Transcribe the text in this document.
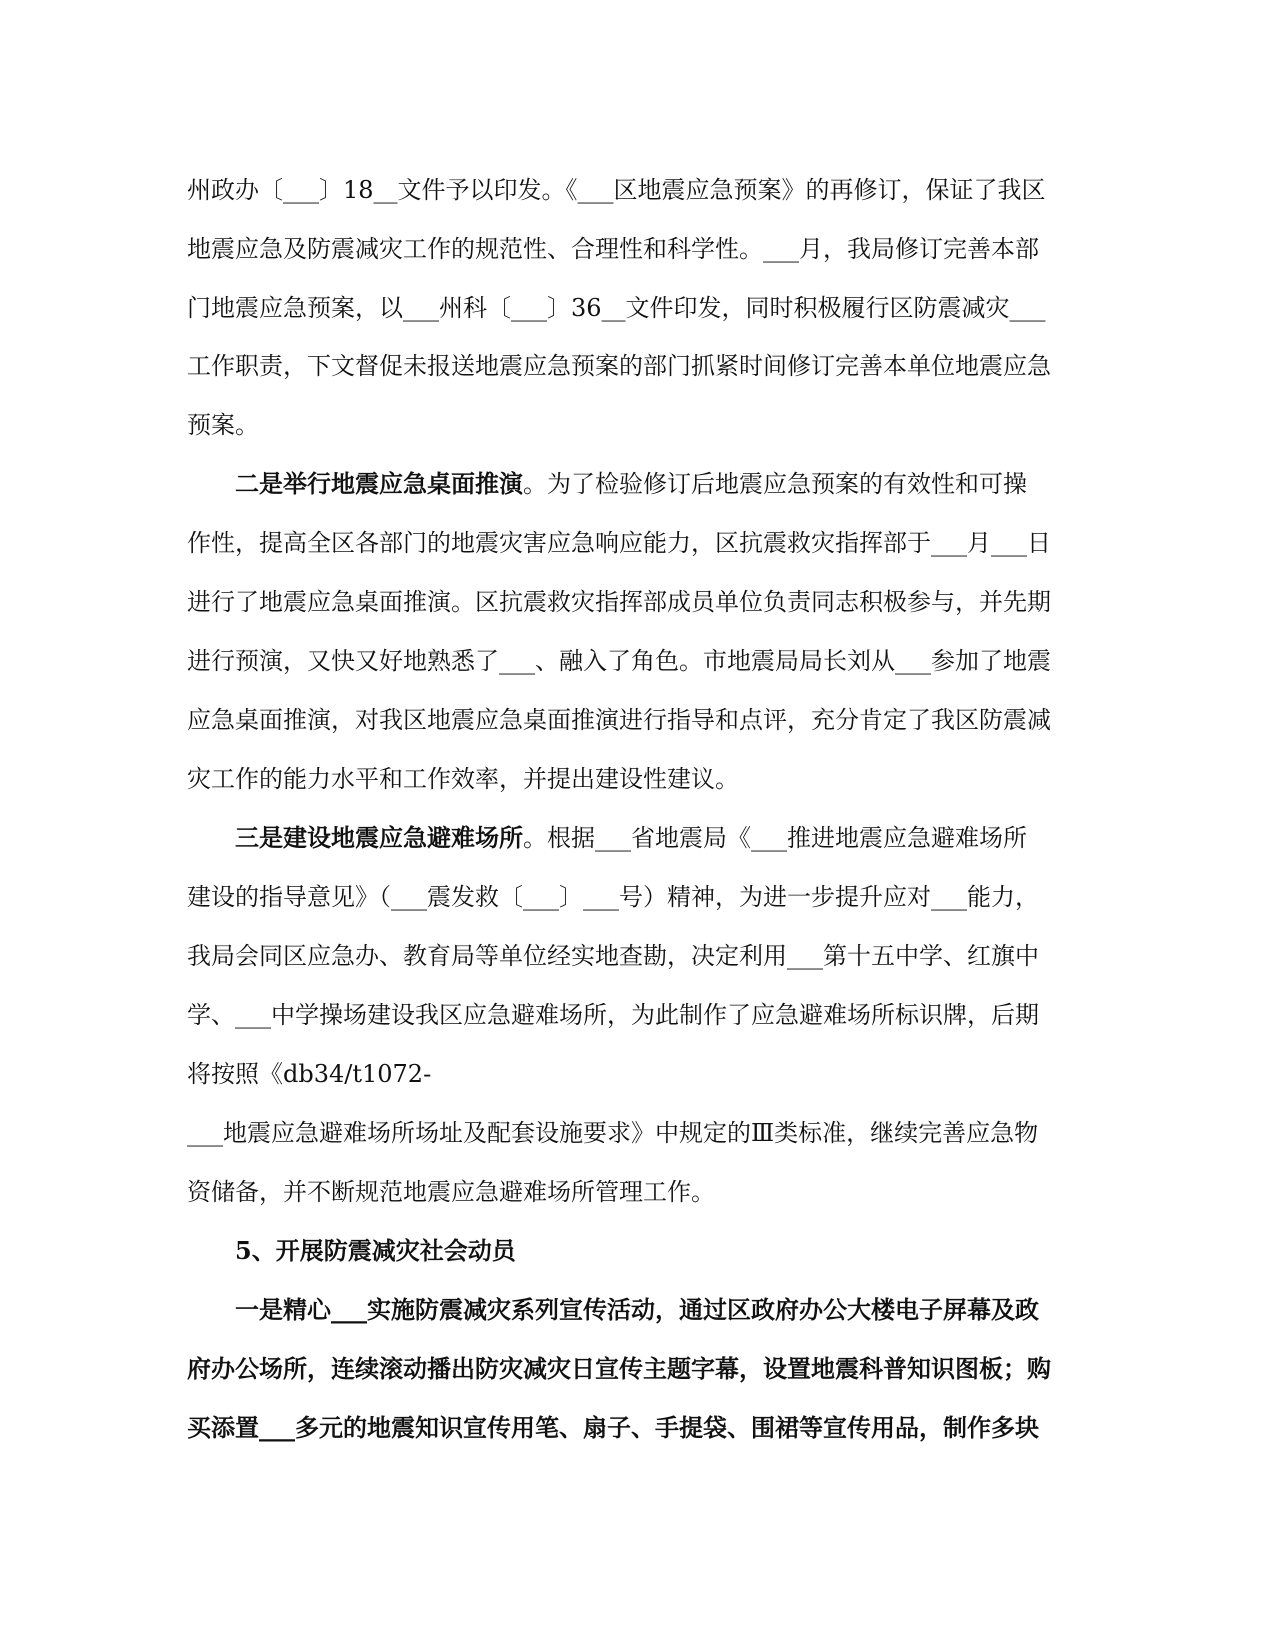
州政办〔___〕18__文件予以印发。《___区地震应急预案》的再修订，保证了我区
地震应急及防震减灾工作的规范性、合理性和科学性。___月，我局修订完善本部
门地震应急预案，以___州科〔___〕36__文件印发，同时积极履行区防震减灾___
工作职责，下文督促未报送地震应急预案的部门抓紧时间修订完善本单位地震应急
预案。
二是举行地震应急桌面推演。为了检验修订后地震应急预案的有效性和可操
作性，提高全区各部门的地震灾害应急响应能力，区抗震救灾指挥部于___月___日
进行了地震应急桌面推演。区抗震救灾指挥部成员单位负责同志积极参与，并先期
进行预演，又快又好地熟悉了___、融入了角色。市地震局局长刘从___参加了地震
应急桌面推演，对我区地震应急桌面推演进行指导和点评，充分肯定了我区防震减
灾工作的能力水平和工作效率，并提出建设性建议。
三是建设地震应急避难场所。根据___省地震局《___推进地震应急避难场所
建设的指导意见》（___震发救〔___〕___号）精神，为进一步提升应对___能力，
我局会同区应急办、教育局等单位经实地查勘，决定利用___第十五中学、红旗中
学、___中学操场建设我区应急避难场所，为此制作了应急避难场所标识牌，后期
将按照《db34/t1072-
___地震应急避难场所场址及配套设施要求》中规定的Ⅲ类标准，继续完善应急物
资储备，并不断规范地震应急避难场所管理工作。
5、开展防震减灾社会动员
一是精心___实施防震减灾系列宣传活动，通过区政府办公大楼电子屏幕及政
府办公场所，连续滚动播出防灾减灾日宣传主题字幕，设置地震科普知识图板；购
买添置___多元的地震知识宣传用笔、扇子、手提袋、围裙等宣传用品，制作多块
